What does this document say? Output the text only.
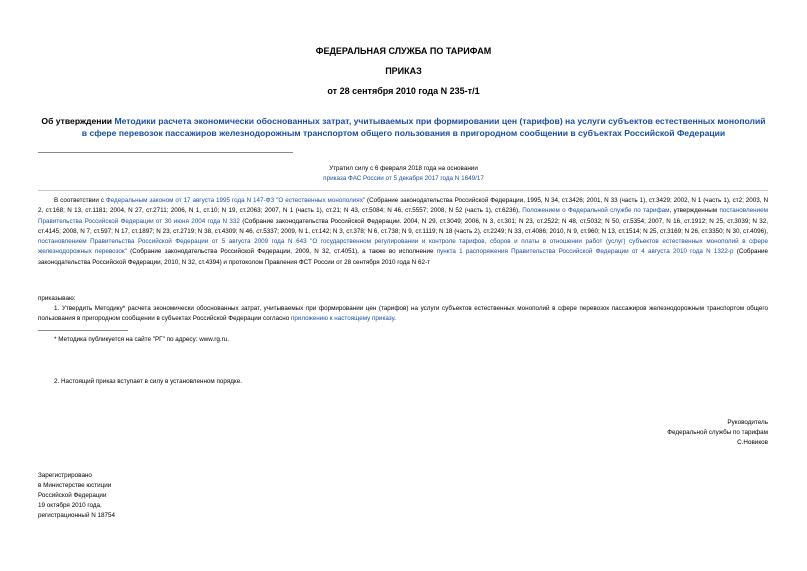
ФЕДЕРАЛЬНАЯ СЛУЖБА ПО ТАРИФАМ
ПРИКАЗ
от 28 сентября 2010 года N 235-т/1
Об утверждении Методики расчета экономически обоснованных затрат, учитываемых при формировании цен (тарифов) на услуги субъектов естественных монополий в сфере перевозок пассажиров железнодорожным транспортом общего пользования в пригородном сообщении в субъектах Российской Федерации
Утратил силу с 6 февраля 2018 года на основании
приказа ФАС России от 5 декабря 2017 года N 1649/17
В соответствии с Федеральным законом от 17 августа 1995 года N 147-ФЗ "О естественных монополиях" (Собрание законодательства Российской Федерации, 1995, N 34, ст.3426; 2001, N 33 (часть 1), ст.3429; 2002, N 1 (часть 1), ст2; 2003, N 2, ст.168; N 13, ст.1181; 2004, N 27, ст.2711; 2006, N 1, ст.10; N 19, ст.2063; 2007, N 1 (часть 1), ст.21; N 43, ст.5084; N 46, ст.5557; 2008, N 52 (часть 1), ст.6236), Положением о Федеральной службе по тарифам, утвержденным постановлением Правительства Российской Федерации от 30 июня 2004 года N 332 (Собрание законодательства Российской Федерации. 2004, N 29, ст.3049; 2006, N 3, ст.301; N 23, ст.2522; N 48, ст.5032; N 50, ст.5354; 2007, N 16, ст.1912; N 25, ст.3039; N 32, ст.4145; 2008, N 7, ст.597; N 17, ст.1897; N 23, ст.2719; N 38, ст.4309; N 46, ст.5337; 2009, N 1, ст.142; N 3, ст.378; N 6, ст.738; N 9, ст.1119; N 18 (часть 2), ст.2249; N 33, ст.4086; 2010, N 9, ст.960; N 13, ст.1514; N 25, ст.3169; N 26, ст.3350; N 30, ст.4096), постановлением Правительства Российской Федерации от 5 августа 2009 года N 643 "О государственном регулировании и контроле тарифов, сборов и платы в отношении работ (услуг) субъектов естественных монополий в сфере железнодорожных перевозок" (Собрание законодательства Российской Федерации, 2009, N 32, ст.4051), а также во исполнение пункта 1 распоряжения Правительства Российской Федерации от 4 августа 2010 года N 1322-р (Собрание законодательства Российской Федерации, 2010, N 32, ст.4394) и протоколом Правления ФСТ России от 28 сентября 2010 года N 62-т
приказываю:
1. Утвердить Методику* расчета экономически обоснованных затрат, учитываемых при формировании цен (тарифов) на услуги субъектов естественных монополий в сфере перевозок пассажиров железнодорожным транспортом общего пользования в пригородном сообщении в субъектах Российской Федерации согласно приложению к настоящему приказу.
* Методика публикуется на сайте "РГ" по адресу: www.rg.ru.
2. Настоящий приказ вступает в силу в установленном порядке.
Руководитель
Федеральной службы по тарифам
С.Новиков
Зарегистрировано
в Министерстве юстиции
Российской Федерации
19 октября 2010 года,
регистрационный N 18754
